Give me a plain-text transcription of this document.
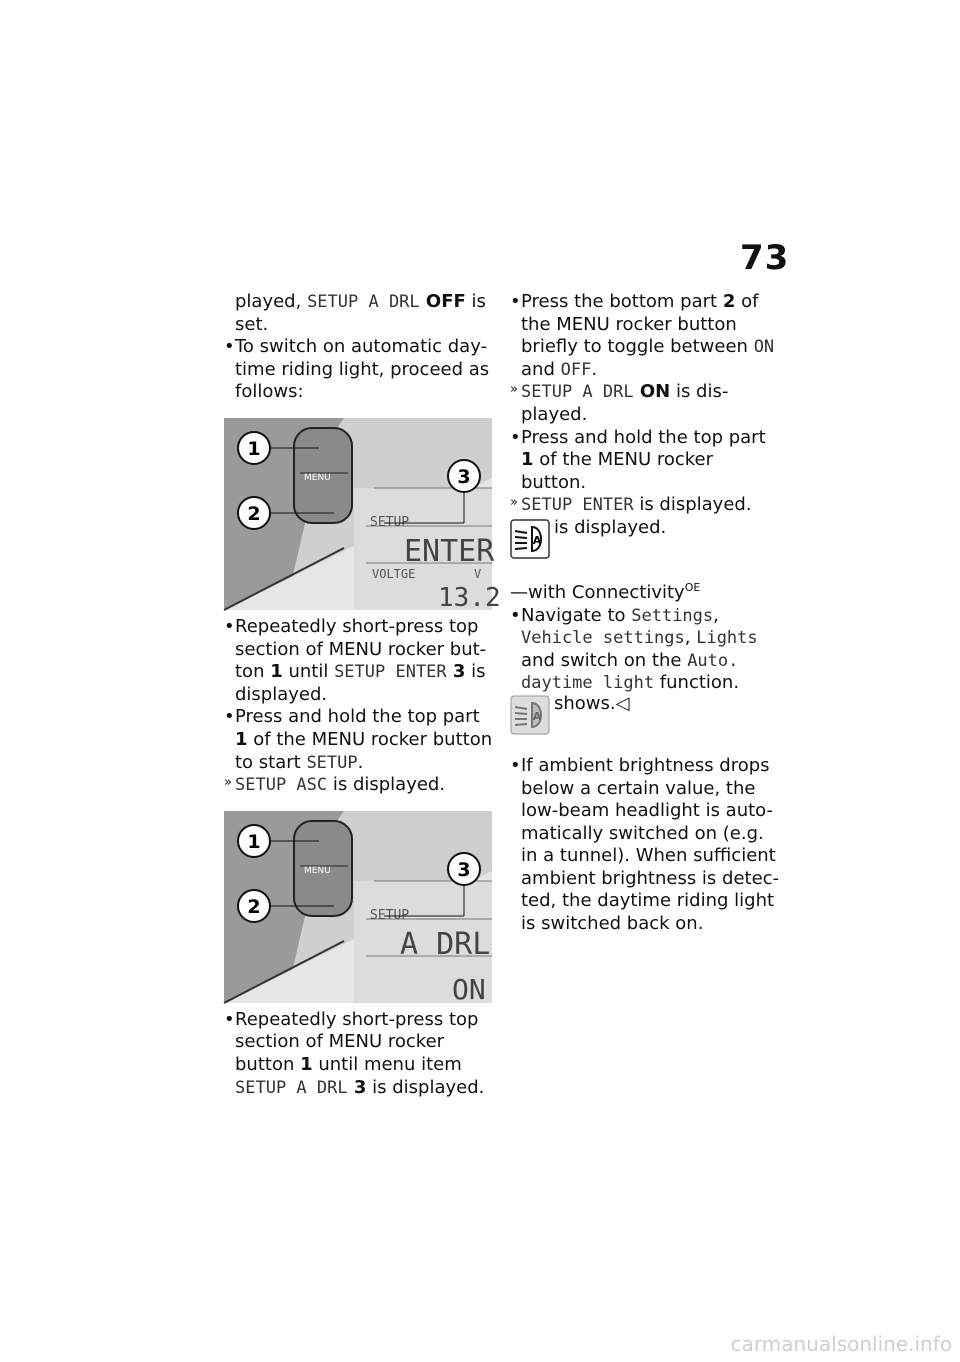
73

played, SETUP A DRL OFF is set.

• To switch on automatic day-time riding light, proceed as follows:

MENU
SETUP
ENTER
VOLTGE	V
13.2
1
2
3

• Repeatedly short-press top section of MENU rocker but-ton 1 until SETUP ENTER 3 is displayed.

• Press and hold the top part 1 of the MENU rocker button to start SETUP.

» SETUP ASC is displayed.

MENU
SETUP
A DRL
ON
1
2
3

• Repeatedly short-press top section of MENU rocker button 1 until menu item SETUP A DRL 3 is displayed.

• Press the bottom part 2 of the MENU rocker button briefly to toggle between ON and OFF.

» SETUP A DRL ON is dis-played.

• Press and hold the top part 1 of the MENU rocker button.

» SETUP ENTER is displayed.

A
is displayed.

—with Connectivity$^{OE}$

• Navigate to Settings, Vehicle settings, Lights and switch on the Auto. daytime light function.

A
shows.◁

• If ambient brightness drops below a certain value, the low-beam headlight is auto-matically switched on (e.g. in a tunnel). When sufficient ambient brightness is detec-ted, the daytime riding light is switched back on.

carmanualsonline.info
